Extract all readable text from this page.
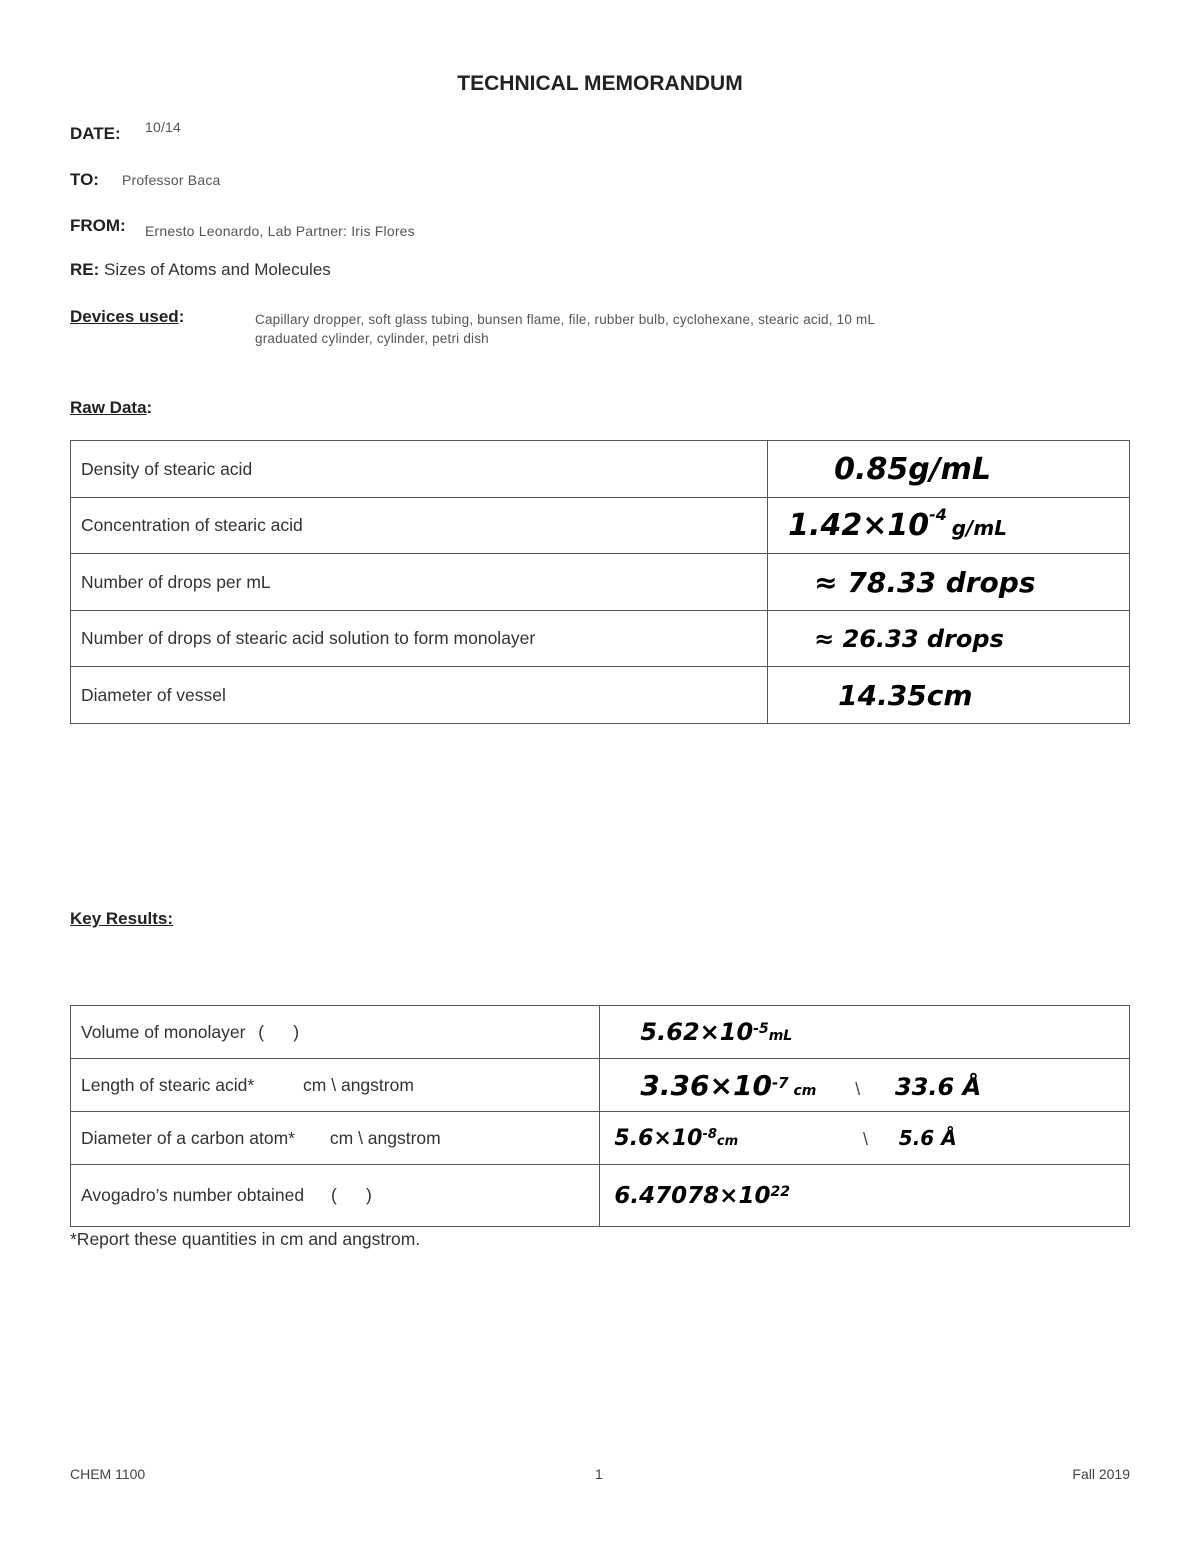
TECHNICAL MEMORANDUM
DATE: 10/14
TO: Professor Baca
FROM: Ernesto Leonardo, Lab Partner: Iris Flores
RE: Sizes of Atoms and Molecules
Devices used:	Capillary dropper, soft glass tubing, bunsen flame, file, rubber bulb, cyclohexane, stearic acid, 10 mL
graduated cylinder, cylinder, petri dish
Raw Data:
Density of stearic acid	0.85g/mL
Concentration of stearic acid	$1.42\times 10^{-4}$ g/mL
Number of drops per mL	≈ 78.33 drops
Number of drops of stearic acid solution to form monolayer	≈ 26.33 drops
Diameter of vessel	14.35cm
Key Results:
Volume of monolayer (      )	$5.62\times 10^{-5}mL$
Length of stearic acid* cm \ angstrom	$3.36\times 10^{-7}$ cm \ 33.6 Å
Diameter of a carbon atom* cm \ angstrom	$5.6\times 10^{-8}cm$ \ 5.6 Å
Avogadro’s number obtained (      )	$6.47078\times 10^{22}$
*Report these quantities in cm and angstrom.
CHEM 1100	1	Fall 2019
